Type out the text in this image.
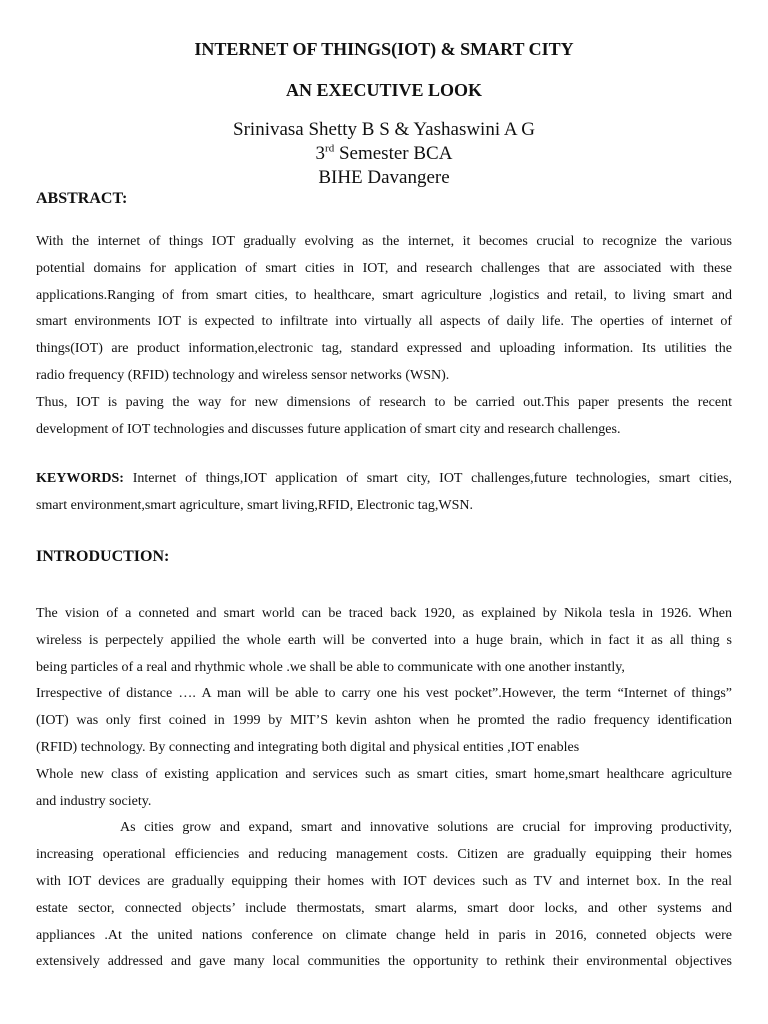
INTERNET OF THINGS(IOT) & SMART CITY
AN EXECUTIVE LOOK
Srinivasa Shetty B S & Yashaswini A G
3rd Semester BCA
BIHE Davangere
ABSTRACT:
With the internet of things IOT gradually evolving as the internet, it becomes crucial to recognize the various
potential domains for application of smart cities in IOT, and research challenges that are associated with these
applications.Ranging of from smart cities, to healthcare, smart agriculture ,logistics and retail, to living smart and
smart environments IOT is expected to infiltrate into virtually all aspects of daily life. The operties of internet of
things(IOT) are product information,electronic tag, standard expressed and uploading information. Its utilities the
radio frequency (RFID) technology and wireless sensor networks (WSN).
Thus, IOT is paving the way for new dimensions of research to be carried out.This paper presents the recent
development of IOT technologies and discusses future application of smart city and research challenges.
KEYWORDS: Internet of things,IOT application of smart city, IOT challenges,future technologies, smart cities,
smart environment,smart agriculture, smart living,RFID, Electronic tag,WSN.
INTRODUCTION:
The vision of a conneted and smart world can be traced back 1920, as explained by Nikola tesla in 1926. When
wireless is perpectely appilied the whole earth will be converted into a huge brain, which in fact it as all thing s
being particles of a real and rhythmic whole .we shall be able to communicate with one another instantly,
Irrespective of distance …. A man will be able to carry one his vest pocket”.However, the term “Internet of things”
(IOT) was only first coined in 1999 by MIT’S kevin ashton when he promted the radio frequency identification
(RFID) technology. By connecting and integrating both digital and physical entities ,IOT enables
Whole new class of existing application and services such as smart cities, smart home,smart healthcare agriculture
and industry society.
As cities grow and expand, smart and innovative solutions are crucial for improving productivity,
increasing operational efficiencies and reducing management costs. Citizen are gradually equipping their homes
with IOT devices are gradually equipping their homes with IOT devices such as TV and internet box. In the real
estate sector, connected objects’ include thermostats, smart alarms, smart door locks, and other systems and
appliances .At the united nations conference on climate change held in paris in 2016, conneted objects were
extensively addressed and gave many local communities the opportunity to rethink their environmental objectives
